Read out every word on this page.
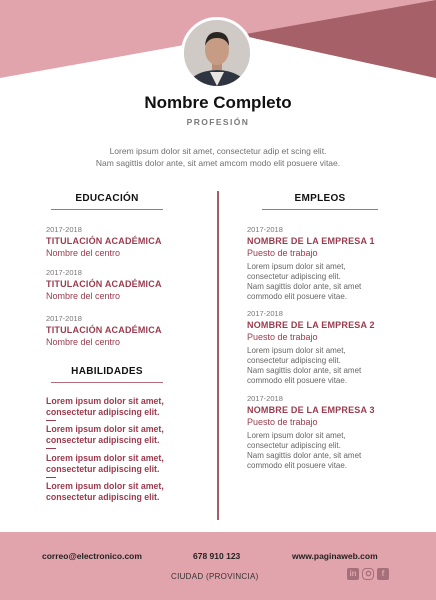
Nombre Completo
PROFESIÓN
Lorem ipsum dolor sit amet, consectetur adip et scing elit.
Nam sagittis dolor ante, sit amet amcom modo elit posuere vitae.
EDUCACIÓN	EMPLEOS
HABILIDADES
2017-2018
TITULACIÓN ACADÉMICA
Nombre del centro
2017-2018
TITULACIÓN ACADÉMICA
Nombre del centro
2017-2018
TITULACIÓN ACADÉMICA
Nombre del centro
Lorem ipsum dolor sit amet,
consectetur adipiscing elit.
Lorem ipsum dolor sit amet,
consectetur adipiscing elit.
Lorem ipsum dolor sit amet,
consectetur adipiscing elit.
Lorem ipsum dolor sit amet,
consectetur adipiscing elit.
2017-2018
NOMBRE DE LA EMPRESA 1
Puesto de trabajo
Lorem ipsum dolor sit amet,
consectetur adipiscing elit.
Nam sagittis dolor ante, sit amet
commodo elit posuere vitae.
2017-2018
NOMBRE DE LA EMPRESA 2
Puesto de trabajo
Lorem ipsum dolor sit amet,
consectetur adipiscing elit.
Nam sagittis dolor ante, sit amet
commodo elit posuere vitae.
2017-2018
NOMBRE DE LA EMPRESA 3
Puesto de trabajo
Lorem ipsum dolor sit amet,
consectetur adipiscing elit.
Nam sagittis dolor ante, sit amet
commodo elit posuere vitae.
correo@electronico.com	678 910 123	www.paginaweb.com
CIUDAD (PROVINCIA)	in	f
